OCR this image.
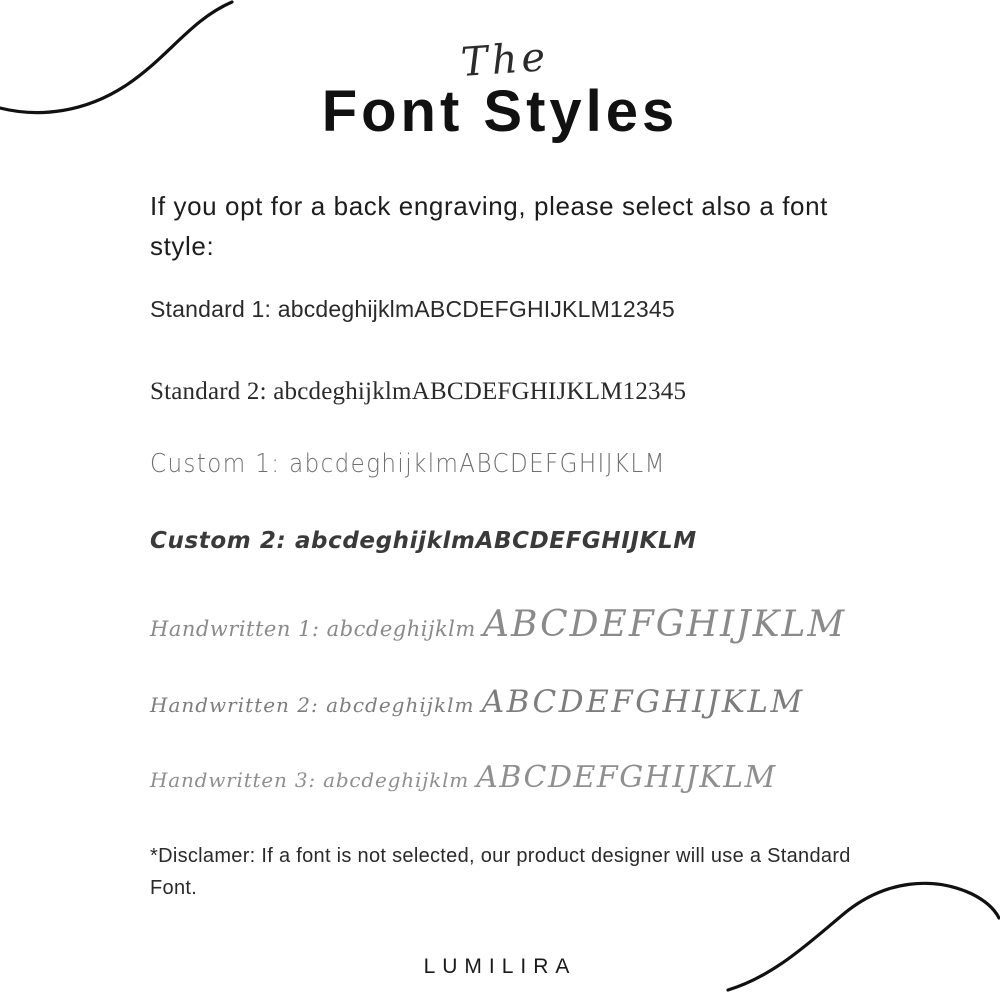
The
Font Styles
If you opt for a back engraving, please select also a font style:
Standard 1: abcdeghijklmABCDEFGHIJKLM12345
Standard 2: abcdeghijklmABCDEFGHIJKLM12345
Custom 1: abcdeghijklmABCDEFGHIJKLM
Custom 2: abcdeghijklmABCDEFGHIJKLM
Handwritten 1: abcdeghijklm ABCDEFGHIJKLM
Handwritten 2: abcdeghijklm ABCDEFGHIJKLM
Handwritten 3: abcdeghijklm ABCDEFGHIJKLM
*Disclamer: If a font is not selected, our product designer will use a Standard Font.
LUMILIRA
